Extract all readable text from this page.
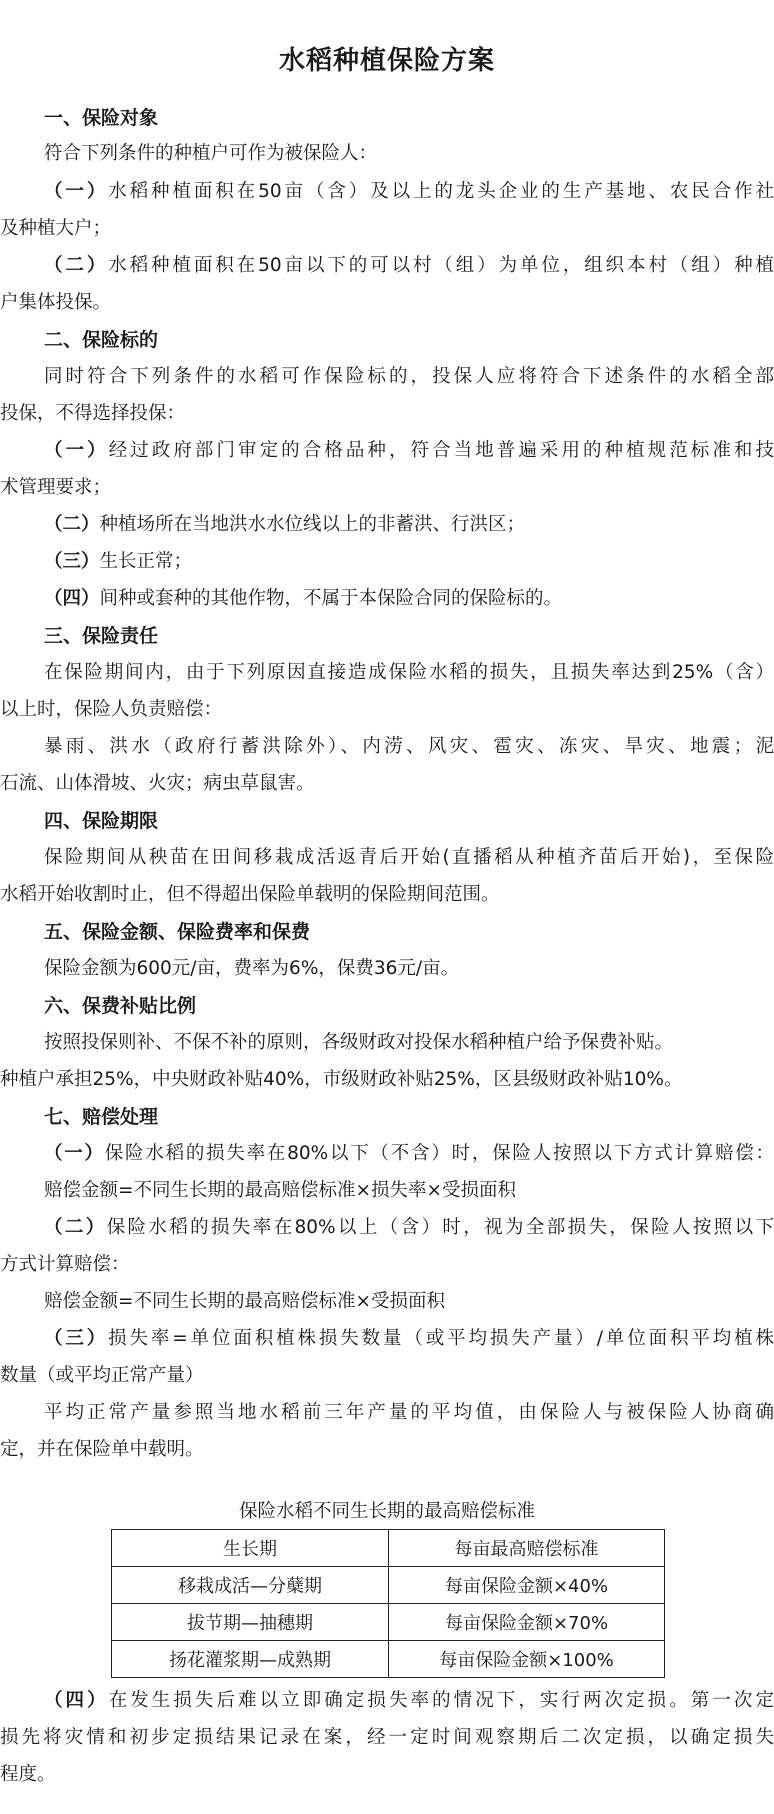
水稻种植保险方案
一、保险对象
符合下列条件的种植户可作为被保险人：
（一）水稻种植面积在50亩（含）及以上的龙头企业的生产基地、农民合作社
及种植大户；
（二）水稻种植面积在50亩以下的可以村（组）为单位，组织本村（组）种植
户集体投保。
二、保险标的
同时符合下列条件的水稻可作保险标的，投保人应将符合下述条件的水稻全部
投保，不得选择投保：
（一）经过政府部门审定的合格品种，符合当地普遍采用的种植规范标准和技
术管理要求；
（二）种植场所在当地洪水水位线以上的非蓄洪、行洪区；
（三）生长正常；
（四）间种或套种的其他作物，不属于本保险合同的保险标的。
三、保险责任
在保险期间内，由于下列原因直接造成保险水稻的损失，且损失率达到25%（含）
以上时，保险人负责赔偿：
暴雨、洪水（政府行蓄洪除外）、内涝、风灾、雹灾、冻灾、旱灾、地震；泥
石流、山体滑坡、火灾；病虫草鼠害。
四、保险期限
保险期间从秧苗在田间移栽成活返青后开始(直播稻从种植齐苗后开始)，至保险
水稻开始收割时止，但不得超出保险单载明的保险期间范围。
五、保险金额、保险费率和保费
保险金额为600元/亩，费率为6%，保费36元/亩。
六、保费补贴比例
按照投保则补、不保不补的原则，各级财政对投保水稻种植户给予保费补贴。
种植户承担25%，中央财政补贴40%，市级财政补贴25%，区县级财政补贴10%。
七、赔偿处理
（一）保险水稻的损失率在80%以下（不含）时，保险人按照以下方式计算赔偿：
赔偿金额=不同生长期的最高赔偿标准×损失率×受损面积
（二）保险水稻的损失率在80%以上（含）时，视为全部损失，保险人按照以下
方式计算赔偿：
赔偿金额=不同生长期的最高赔偿标准×受损面积
（三）损失率=单位面积植株损失数量（或平均损失产量）/单位面积平均植株
数量（或平均正常产量）
平均正常产量参照当地水稻前三年产量的平均值，由保险人与被保险人协商确
定，并在保险单中载明。
保险水稻不同生长期的最高赔偿标准
生长期	每亩最高赔偿标准
移栽成活—分蘖期	每亩保险金额×40%
拔节期—抽穗期	每亩保险金额×70%
扬花灌浆期—成熟期	每亩保险金额×100%
（四）在发生损失后难以立即确定损失率的情况下，实行两次定损。第一次定
损先将灾情和初步定损结果记录在案，经一定时间观察期后二次定损，以确定损失
程度。
